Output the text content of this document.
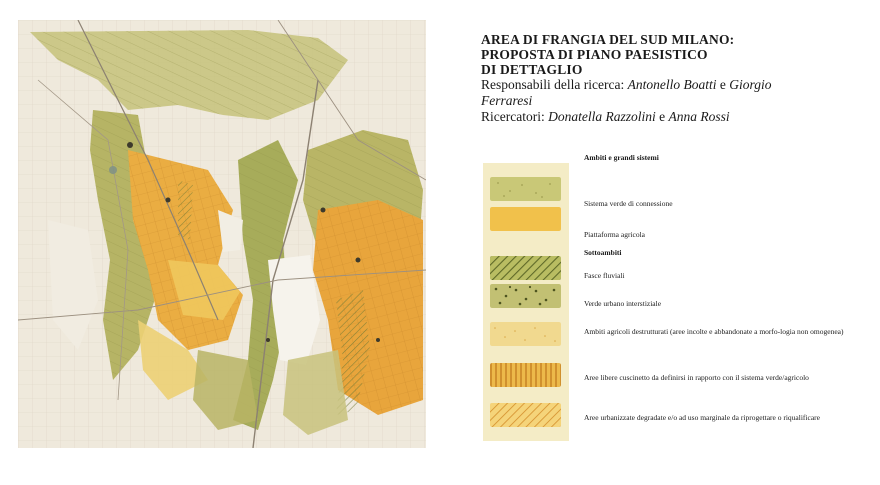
AREA DI FRANGIA DEL SUD MILANO:
PROPOSTA DI PIANO PAESISTICO
DI DETTAGLIO
Responsabili della ricerca: Antonello Boatti e Giorgio
Ferraresi
Ricercatori: Donatella Razzolini e Anna Rossi
Ambiti e grandi sistemi
Sistema verde di connessione
Piattaforma agricola
Sottoambiti
Fasce fluviali
Verde urbano interstiziale
Ambiti agricoli destrutturati (aree incolte e abbandonate a morfo-logia non omogenea)
Aree libere cuscinetto da definirsi in rapporto con il sistema verde/agricolo
Aree urbanizzate degradate e/o ad uso marginale da riprogettare o riqualificare
